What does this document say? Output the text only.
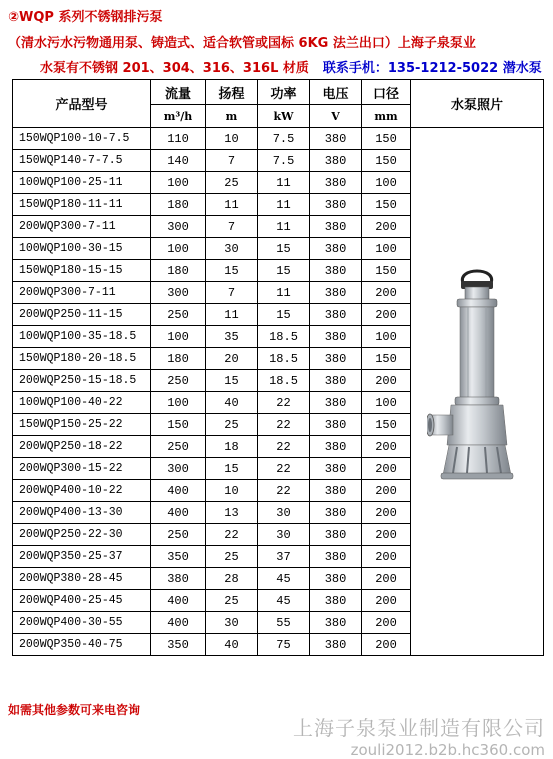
②WQP 系列不锈钢排污泵
（清水污水污物通用泵、铸造式、适合软管或国标 6KG 法兰出口）上海子泉泵业
水泵有不锈钢 201、304、316、316L 材质 联系手机：135-1212-5022 潜水泵
产品型号	流量	扬程	功率	电压	口径	水泵照片
	m³/h	m	kW	V	mm	
150WQP100-10-7.5	110	10	7.5	380	150	
150WQP140-7-7.5	140	7	7.5	380	150	
100WQP100-25-11	100	25	11	380	100	
150WQP180-11-11	180	11	11	380	150	
200WQP300-7-11	300	7	11	380	200	
100WQP100-30-15	100	30	15	380	100	
150WQP180-15-15	180	15	15	380	150	
200WQP300-7-11	300	7	11	380	200	
200WQP250-11-15	250	11	15	380	200	
100WQP100-35-18.5	100	35	18.5	380	100	
150WQP180-20-18.5	180	20	18.5	380	150	
200WQP250-15-18.5	250	15	18.5	380	200	
100WQP100-40-22	100	40	22	380	100	
150WQP150-25-22	150	25	22	380	150	
200WQP250-18-22	250	18	22	380	200	
200WQP300-15-22	300	15	22	380	200	
200WQP400-10-22	400	10	22	380	200	
200WQP400-13-30	400	13	30	380	200	
200WQP250-22-30	250	22	30	380	200	
200WQP350-25-37	350	25	37	380	200	
200WQP380-28-45	380	28	45	380	200	
200WQP400-25-45	400	25	45	380	200	
200WQP400-30-55	400	30	55	380	200	
200WQP350-40-75	350	40	75	380	200	
如需其他参数可来电咨询
上海子泉泵业制造有限公司
zouli2012.b2b.hc360.com
